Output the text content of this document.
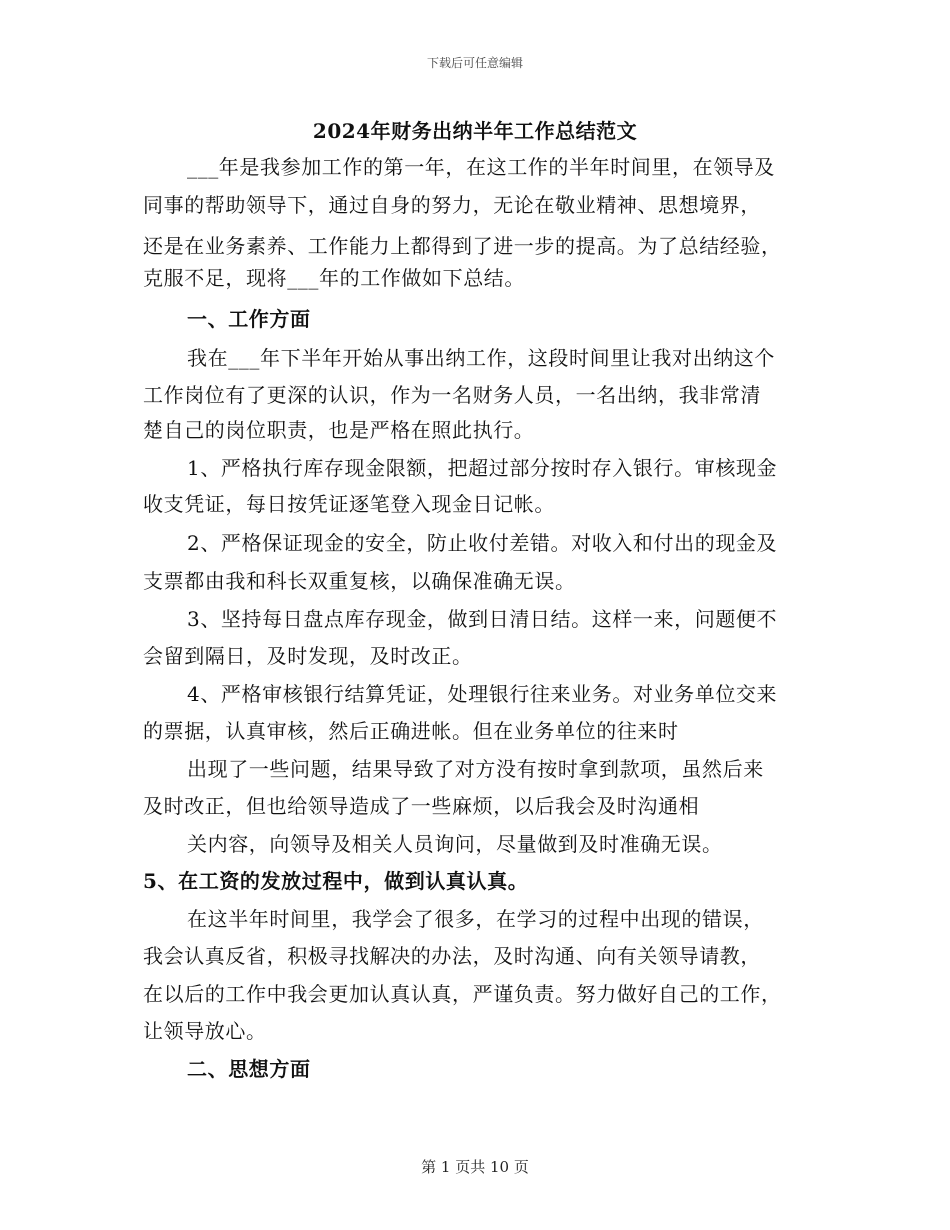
下载后可任意编辑
2024年财务出纳半年工作总结范文
___年是我参加工作的第一年，在这工作的半年时间里，在领导及
同事的帮助领导下，通过自身的努力，无论在敬业精神、思想境界，
还是在业务素养、工作能力上都得到了进一步的提高。为了总结经验，
克服不足，现将___年的工作做如下总结。
一、工作方面
我在___年下半年开始从事出纳工作，这段时间里让我对出纳这个
工作岗位有了更深的认识，作为一名财务人员，一名出纳，我非常清
楚自己的岗位职责，也是严格在照此执行。
1、严格执行库存现金限额，把超过部分按时存入银行。审核现金
收支凭证，每日按凭证逐笔登入现金日记帐。
2、严格保证现金的安全，防止收付差错。对收入和付出的现金及
支票都由我和科长双重复核，以确保准确无误。
3、坚持每日盘点库存现金，做到日清日结。这样一来，问题便不
会留到隔日，及时发现，及时改正。
4、严格审核银行结算凭证，处理银行往来业务。对业务单位交来
的票据，认真审核，然后正确进帐。但在业务单位的往来时
出现了一些问题，结果导致了对方没有按时拿到款项，虽然后来
及时改正，但也给领导造成了一些麻烦，以后我会及时沟通相
关内容，向领导及相关人员询问，尽量做到及时准确无误。
5、在工资的发放过程中，做到认真认真。
在这半年时间里，我学会了很多，在学习的过程中出现的错误，
我会认真反省，积极寻找解决的办法，及时沟通、向有关领导请教，
在以后的工作中我会更加认真认真，严谨负责。努力做好自己的工作，
让领导放心。
二、思想方面
第 1 页共 10 页
